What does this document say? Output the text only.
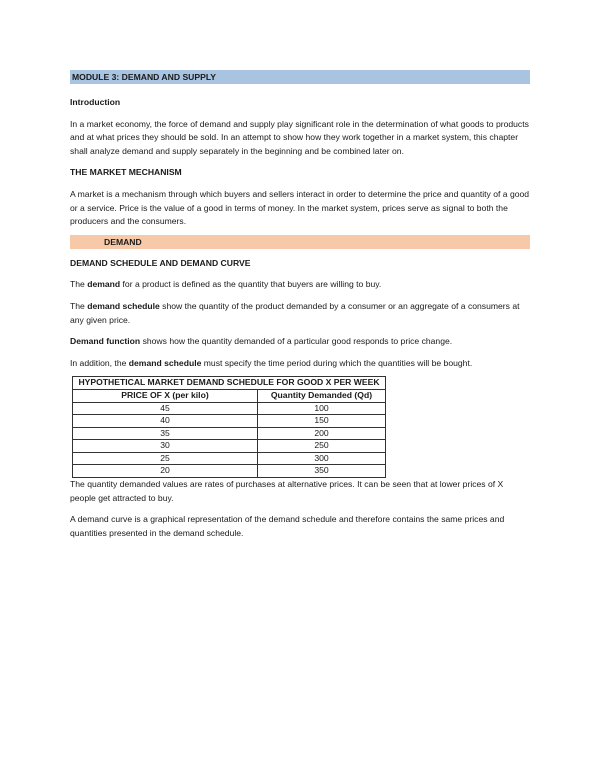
MODULE 3: DEMAND AND SUPPLY

Introduction

In a market economy, the force of demand and supply play significant role in the determination of what goods to products and at what prices they should be sold. In an attempt to show how they work together in a market system, this chapter shall analyze demand and supply separately in the beginning and be combined later on.

THE MARKET MECHANISM

A market is a mechanism through which buyers and sellers interact in order to determine the price and quantity of a good or a service. Price is the value of a good in terms of money. In the market system, prices serve as signal to both the producers and the consumers.

DEMAND

DEMAND SCHEDULE AND DEMAND CURVE

The demand for a product is defined as the quantity that buyers are willing to buy.

The demand schedule show the quantity of the product demanded by a consumer or an aggregate of a consumers at any given price.

Demand function shows how the quantity demanded of a particular good responds to price change.

In addition, the demand schedule must specify the time period during which the quantities will be bought.

HYPOTHETICAL MARKET DEMAND SCHEDULE FOR GOOD X PER WEEK	
PRICE OF X (per kilo)	Quantity Demanded (Qd)
45	100
40	150
35	200
30	250
25	300
20	350

The quantity demanded values are rates of purchases at alternative prices. It can be seen that at lower prices of X people get attracted to buy.

A demand curve is a graphical representation of the demand schedule and therefore contains the same prices and quantities presented in the demand schedule.
